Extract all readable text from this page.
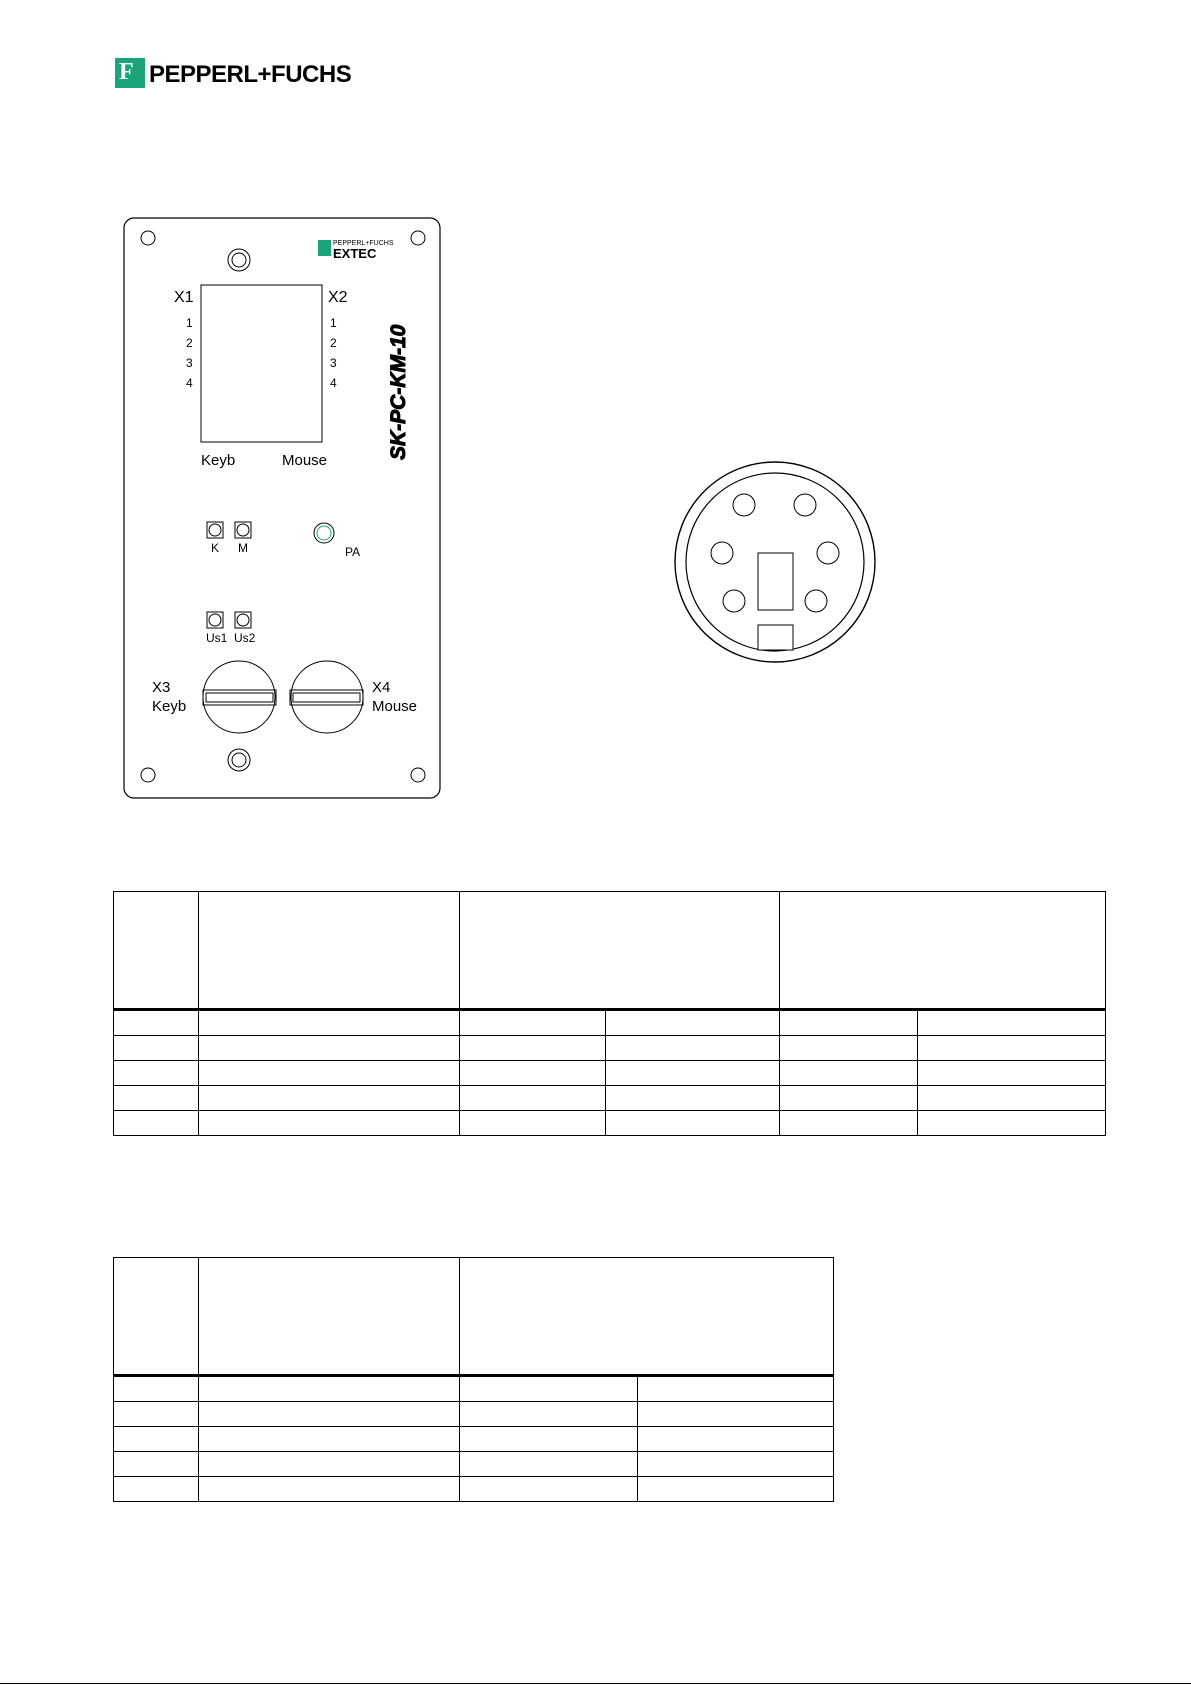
F PEPPERL+FUCHS
PEPPERL+FUCHS
EXTEC
SK-PC-KM-10
X1	X2
1
2
3
4
1
2
3
4
Keyb	Mouse
K M	PA
Us1 Us2
X3
Keyb
X4
Mouse
